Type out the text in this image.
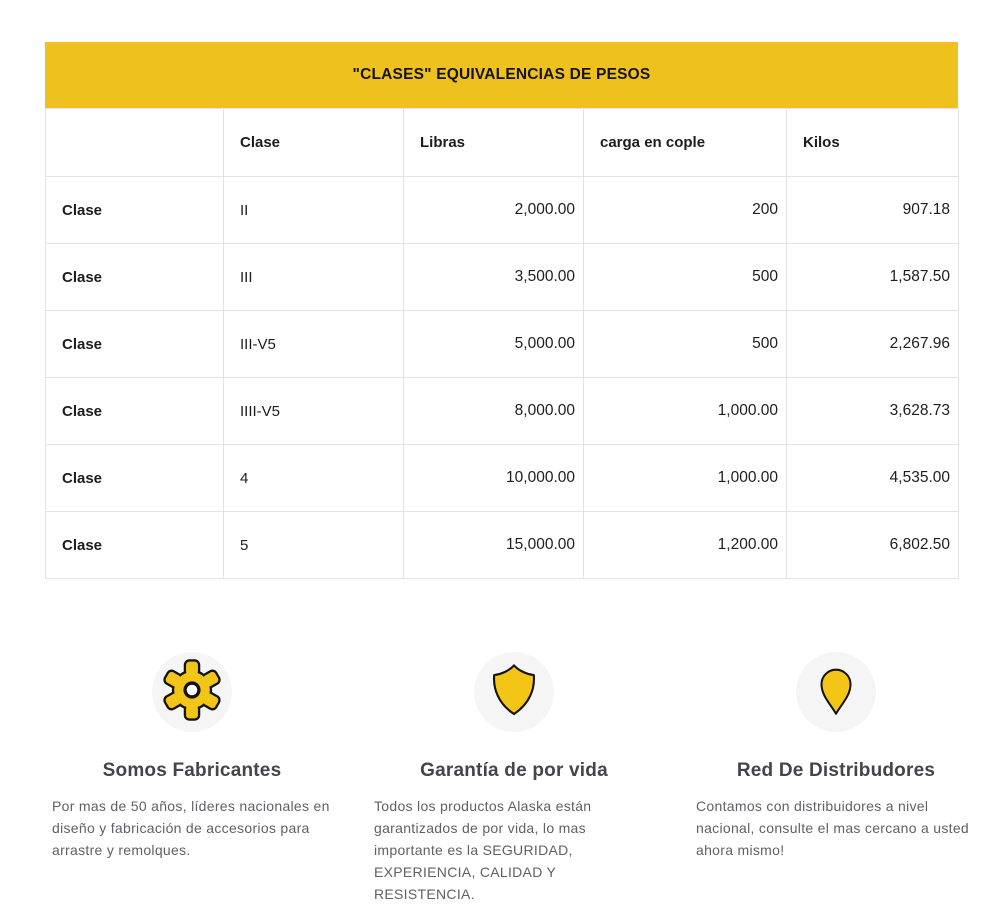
"CLASES" EQUIVALENCIAS DE PESOS
	Clase	Libras	carga en cople	Kilos
Clase	II	2,000.00	200	907.18
Clase	III	3,500.00	500	1,587.50
Clase	III-V5	5,000.00	500	2,267.96
Clase	IIII-V5	8,000.00	1,000.00	3,628.73
Clase	4	10,000.00	1,000.00	4,535.00
Clase	5	15,000.00	1,200.00	6,802.50
Somos Fabricantes
Por mas de 50 años, líderes nacionales en diseño y fabricación de accesorios para arrastre y remolques.
Garantía de por vida
Todos los productos Alaska están garantizados de por vida, lo mas importante es la SEGURIDAD, EXPERIENCIA, CALIDAD Y RESISTENCIA.
Red De Distribudores
Contamos con distribuidores a nivel nacional, consulte el mas cercano a usted ahora mismo!
